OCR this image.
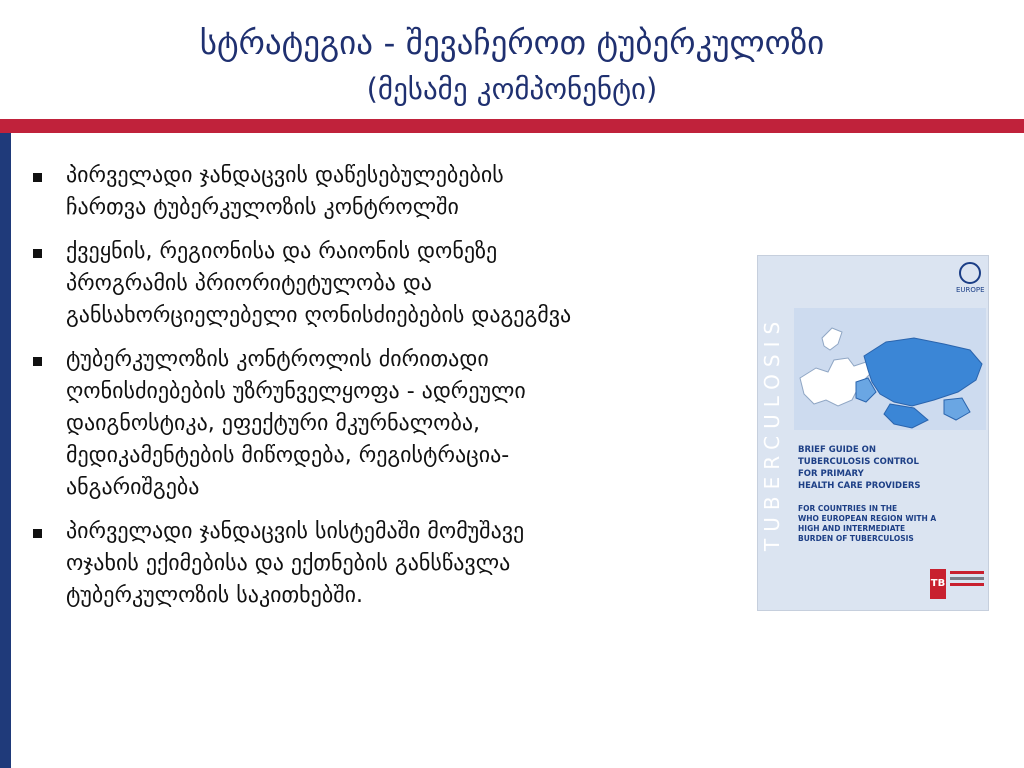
სტრატეგია - შევაჩეროთ ტუბერკულოზი
(მესამე კომპონენტი)
პირველადი ჯანდაცვის დაწესებულებების
ჩართვა ტუბერკულოზის კონტროლში
ქვეყნის, რეგიონისა და რაიონის დონეზე
პროგრამის პრიორიტეტულობა და
განსახორციელებელი ღონისძიებების დაგეგმვა
ტუბერკულოზის კონტროლის ძირითადი
ღონისძიებების უზრუნველყოფა - ადრეული
დაიგნოსტიკა, ეფექტური მკურნალობა,
მედიკამენტების მიწოდება, რეგისტრაცია-
ანგარიშგება
პირველადი ჯანდაცვის სისტემაში მომუშავე
ოჯახის ექიმებისა და ექთნების განსწავლა
ტუბერკულოზის საკითხებში.
TUBERCULOSIS
EUROPE
BRIEF GUIDE ON
TUBERCULOSIS CONTROL
FOR PRIMARY
HEALTH CARE PROVIDERS
FOR COUNTRIES IN THE
WHO EUROPEAN REGION WITH A
HIGH AND INTERMEDIATE
BURDEN OF TUBERCULOSIS
TB
